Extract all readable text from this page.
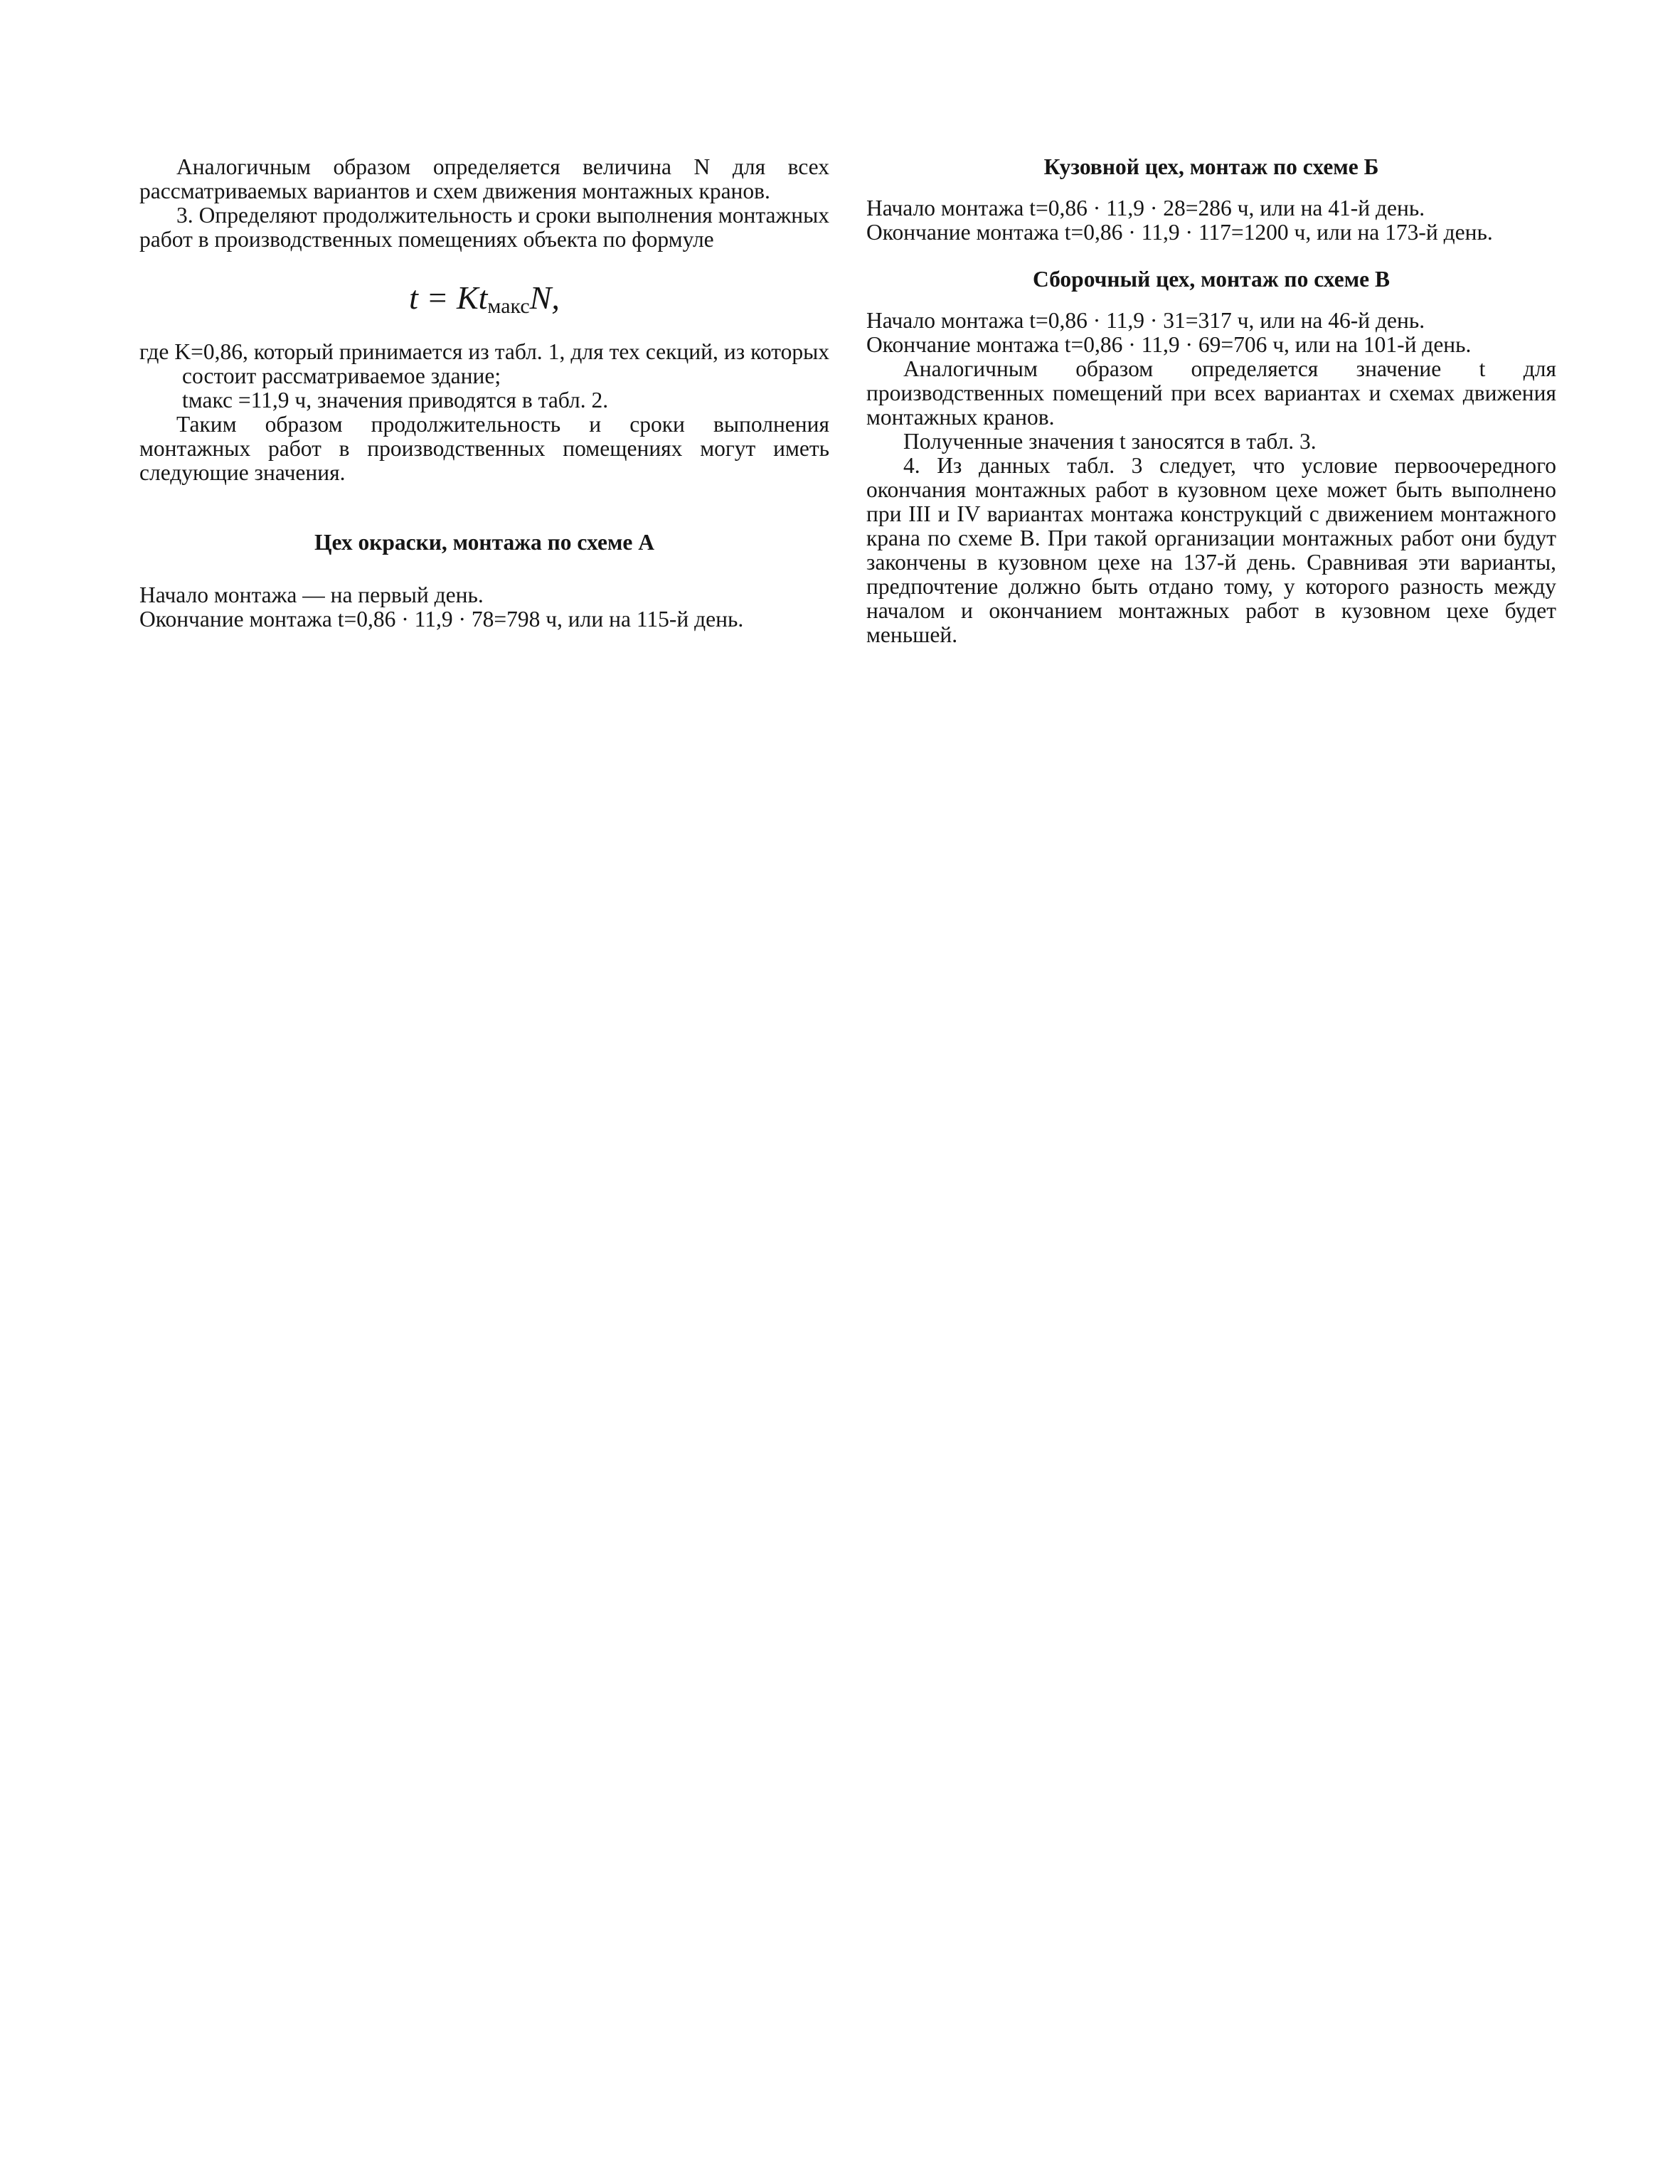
Аналогичным образом определяется величина N для всех рассматриваемых вариантов и схем движения монтажных кранов.

3. Определяют продолжительность и сроки выполнения монтажных работ в производственных помещениях объекта по формуле

t = KtмаксN,

где K=0,86, который принимается из табл. 1, для тех секций, из которых состоит рассматриваемое здание;

tмакс =11,9 ч, значения приводятся в табл. 2.

Таким образом продолжительность и сроки выполнения монтажных работ в производственных помещениях могут иметь следующие значения.

Цех окраски, монтажа по схеме A

Начало монтажа — на первый день.

Окончание монтажа t=0,86 · 11,9 · 78=798 ч, или на 115-й день.

Кузовной цех, монтаж по схеме Б

Начало монтажа t=0,86 · 11,9 · 28=286 ч, или на 41-й день.

Окончание монтажа t=0,86 · 11,9 · 117=1200 ч, или на 173-й день.

Сборочный цех, монтаж по схеме B

Начало монтажа t=0,86 · 11,9 · 31=317 ч, или на 46-й день.

Окончание монтажа t=0,86 · 11,9 · 69=706 ч, или на 101-й день.

Аналогичным образом определяется значение t для производственных помещений при всех вариантах и схемах движения монтажных кранов.

Полученные значения t заносятся в табл. 3.

4. Из данных табл. 3 следует, что условие первоочередного окончания монтажных работ в кузовном цехе может быть выполнено при III и IV вариантах монтажа конструкций с движением монтажного крана по схеме B. При такой организации монтажных работ они будут закончены в кузовном цехе на 137-й день. Сравнивая эти варианты, предпочтение должно быть отдано тому, у которого разность между началом и окончанием монтажных работ в кузовном цехе будет меньшей.
